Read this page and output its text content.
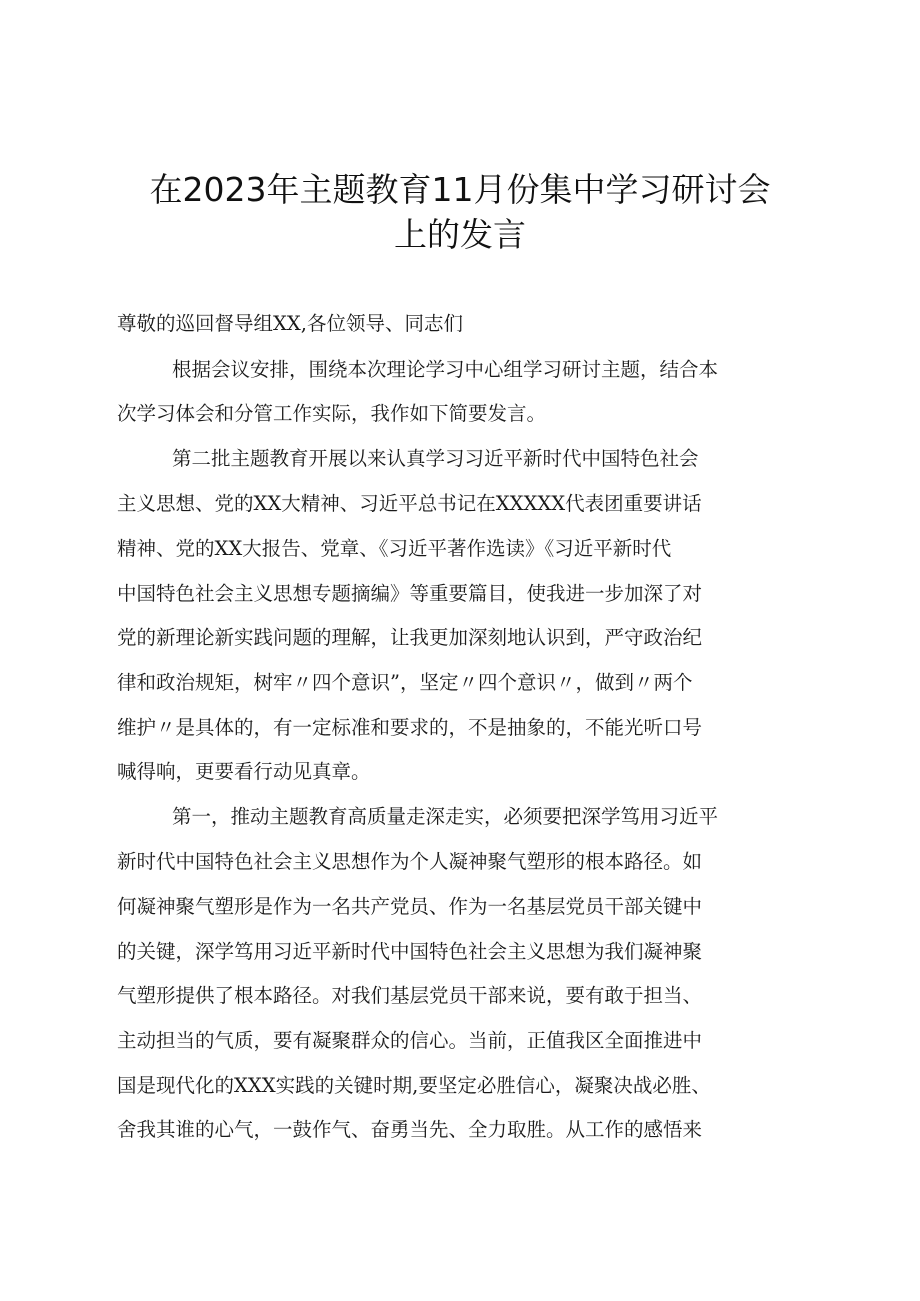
在2023年主题教育11月份集中学习研讨会
上的发言
尊敬的巡回督导组XX,各位领导、同志们
根据会议安排，围绕本次理论学习中心组学习研讨主题，结合本
次学习体会和分管工作实际，我作如下简要发言。
第二批主题教育开展以来认真学习习近平新时代中国特色社会
主义思想、党的XX大精神、习近平总书记在XXXXX代表团重要讲话
精神、党的XX大报告、党章、《习近平著作选读》《习近平新时代
中国特色社会主义思想专题摘编》等重要篇目，使我进一步加深了对
党的新理论新实践问题的理解，让我更加深刻地认识到，严守政治纪
律和政治规矩，树牢〃四个意识”，坚定〃四个意识〃，做到〃两个
维护〃是具体的，有一定标准和要求的，不是抽象的，不能光听口号
喊得响，更要看行动见真章。
第一，推动主题教育高质量走深走实，必须要把深学笃用习近平
新时代中国特色社会主义思想作为个人凝神聚气塑形的根本路径。如
何凝神聚气塑形是作为一名共产党员、作为一名基层党员干部关键中
的关键，深学笃用习近平新时代中国特色社会主义思想为我们凝神聚
气塑形提供了根本路径。对我们基层党员干部来说，要有敢于担当、
主动担当的气质，要有凝聚群众的信心。当前，正值我区全面推进中
国是现代化的XXX实践的关键时期,要坚定必胜信心，凝聚决战必胜、
舍我其谁的心气，一鼓作气、奋勇当先、全力取胜。从工作的感悟来
